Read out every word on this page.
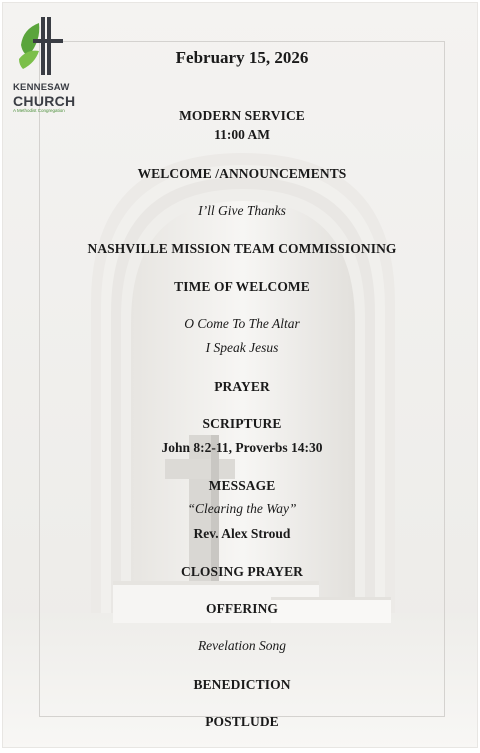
KENNESAW
CHURCH
A Methodist Congregation
February 15, 2026
MODERN SERVICE
11:00 AM
WELCOME /ANNOUNCEMENTS
I’ll Give Thanks
NASHVILLE MISSION TEAM COMMISSIONING
TIME OF WELCOME
O Come To The Altar
I Speak Jesus
PRAYER
SCRIPTURE
John 8:2-11, Proverbs 14:30
MESSAGE
“Clearing the Way”
Rev. Alex Stroud
CLOSING PRAYER
OFFERING
Revelation Song
BENEDICTION
POSTLUDE
